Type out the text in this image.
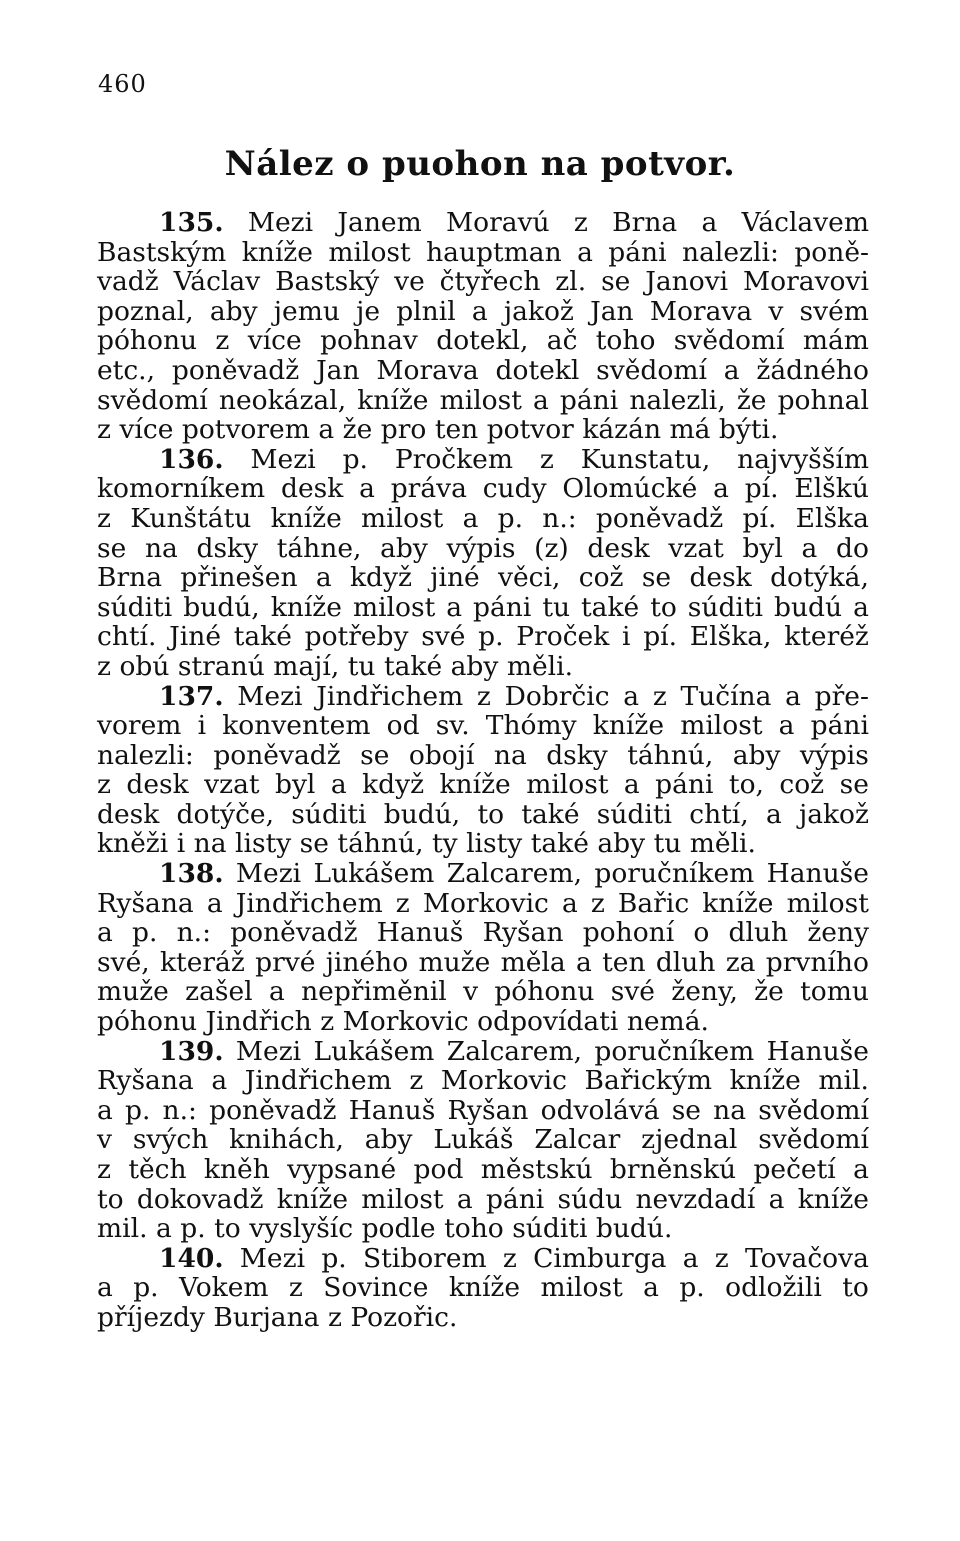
460
Nález o puohon na potvor.
135. Mezi Janem Moravú z Brna a Václavem
Bastským kníže milost hauptman a páni nalezli: poně-
vadž Václav Bastský ve čtyřech zl. se Janovi Moravovi
poznal, aby jemu je plnil a jakož Jan Morava v svém
póhonu z více pohnav dotekl, ač toho svědomí mám
etc., poněvadž Jan Morava dotekl svědomí a žádného
svědomí neokázal, kníže milost a páni nalezli, že pohnal
z více potvorem a že pro ten potvor kázán má býti.
136. Mezi p. Pročkem z Kunstatu, najvyšším
komorníkem desk a práva cudy Olomúcké a pí. Elškú
z Kunštátu kníže milost a p. n.: poněvadž pí. Elška
se na dsky táhne, aby výpis (z) desk vzat byl a do
Brna přinešen a když jiné věci, což se desk dotýká,
súditi budú, kníže milost a páni tu také to súditi budú a
chtí. Jiné také potřeby své p. Proček i pí. Elška, kteréž
z obú stranú mají, tu také aby měli.
137. Mezi Jindřichem z Dobrčic a z Tučína a pře-
vorem i konventem od sv. Thómy kníže milost a páni
nalezli: poněvadž se obojí na dsky táhnú, aby výpis
z desk vzat byl a když kníže milost a páni to, což se
desk dotýče, súditi budú, to také súditi chtí, a jakož
kněži i na listy se táhnú, ty listy také aby tu měli.
138. Mezi Lukášem Zalcarem, poručníkem Hanuše
Ryšana a Jindřichem z Morkovic a z Bařic kníže milost
a p. n.: poněvadž Hanuš Ryšan pohoní o dluh ženy
své, kteráž prvé jiného muže měla a ten dluh za prvního
muže zašel a nepřiměnil v póhonu své ženy, že tomu
póhonu Jindřich z Morkovic odpovídati nemá.
139. Mezi Lukášem Zalcarem, poručníkem Hanuše
Ryšana a Jindřichem z Morkovic Bařickým kníže mil.
a p. n.: poněvadž Hanuš Ryšan odvolává se na svědomí
v svých knihách, aby Lukáš Zalcar zjednal svědomí
z těch kněh vypsané pod městskú brněnskú pečetí a
to dokovadž kníže milost a páni súdu nevzdadí a kníže
mil. a p. to vyslyšíc podle toho súditi budú.
140. Mezi p. Stiborem z Cimburga a z Tovačova
a p. Vokem z Sovince kníže milost a p. odložili to
příjezdy Burjana z Pozořic.
